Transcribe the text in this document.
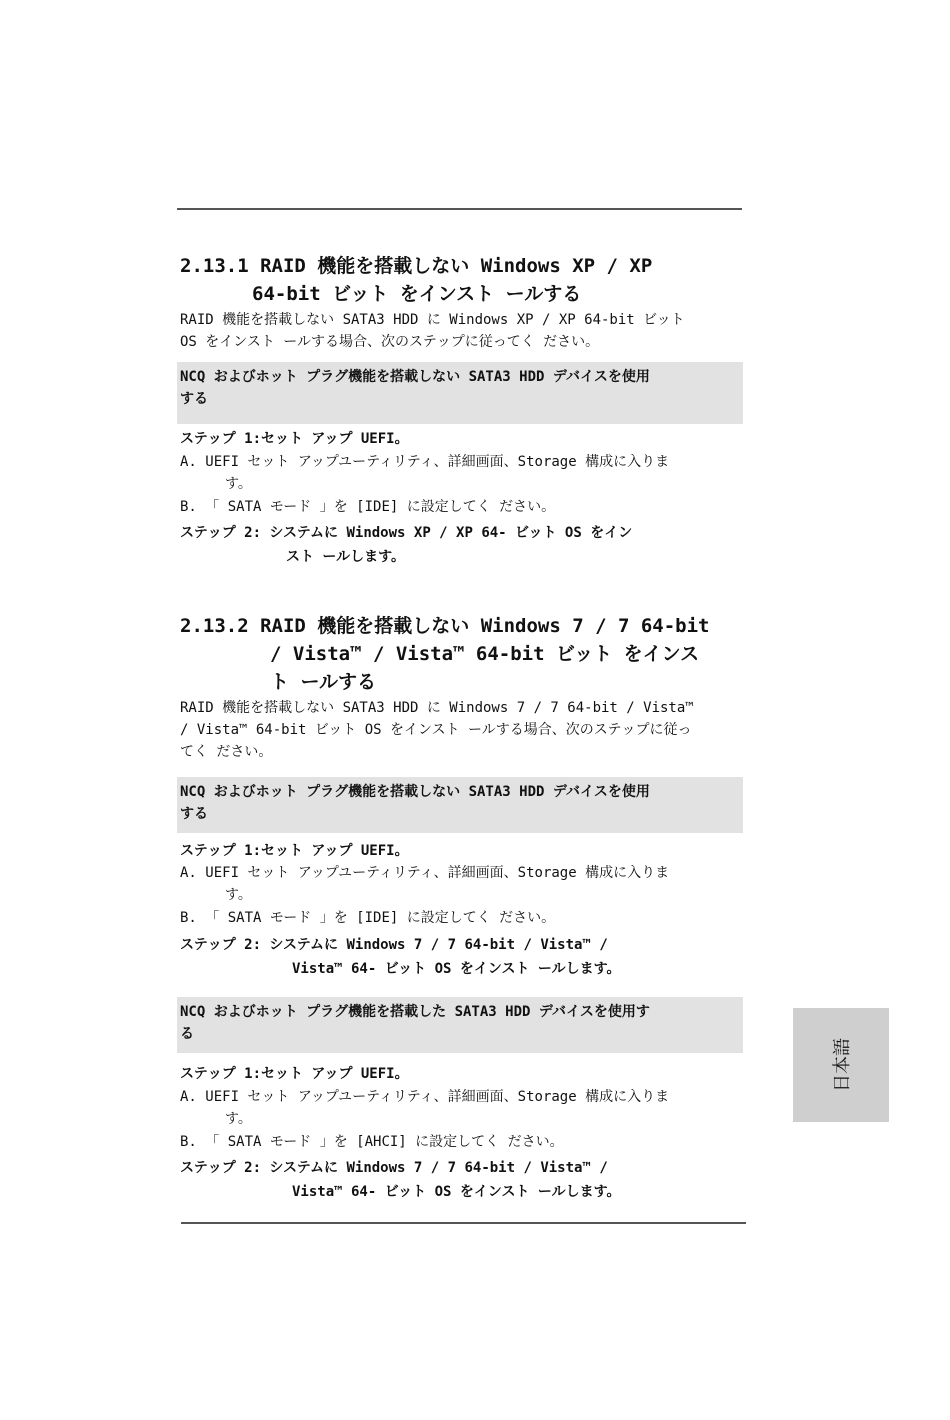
2.13.1 RAID 機能を搭載しない Windows XP / XP
64-bit ビット をインスト ールする
RAID 機能を搭載しない SATA3 HDD に Windows XP / XP 64-bit ビット
OS をインスト ールする場合、次のステップに従ってく ださい。
NCQ およびホット プラグ機能を搭載しない SATA3 HDD デバイスを使用
する
ステップ 1:セット アップ UEFI。
A. UEFI セット アップユーティリティ、詳細画面、Storage 構成に入りま
す。
B. 「 SATA モード 」を [IDE] に設定してく ださい。
ステップ 2: システムに Windows XP / XP 64- ビット OS をイン
スト ールします。
2.13.2 RAID 機能を搭載しない Windows 7 / 7 64-bit
/ Vista™ / Vista™ 64-bit ビット をインス
ト ールする
RAID 機能を搭載しない SATA3 HDD に Windows 7 / 7 64-bit / Vista™
/ Vista™ 64-bit ビット OS をインスト ールする場合、次のステップに従っ
てく ださい。
NCQ およびホット プラグ機能を搭載しない SATA3 HDD デバイスを使用
する
ステップ 1:セット アップ UEFI。
A. UEFI セット アップユーティリティ、詳細画面、Storage 構成に入りま
す。
B. 「 SATA モード 」を [IDE] に設定してく ださい。
ステップ 2: システムに Windows 7 / 7 64-bit / Vista™ /
Vista™ 64- ビット OS をインスト ールします。
NCQ およびホット プラグ機能を搭載した SATA3 HDD デバイスを使用す
る
ステップ 1:セット アップ UEFI。
A. UEFI セット アップユーティリティ、詳細画面、Storage 構成に入りま
す。
B. 「 SATA モード 」を [AHCI] に設定してく ださい。
ステップ 2: システムに Windows 7 / 7 64-bit / Vista™ /
Vista™ 64- ビット OS をインスト ールします。
日本語
